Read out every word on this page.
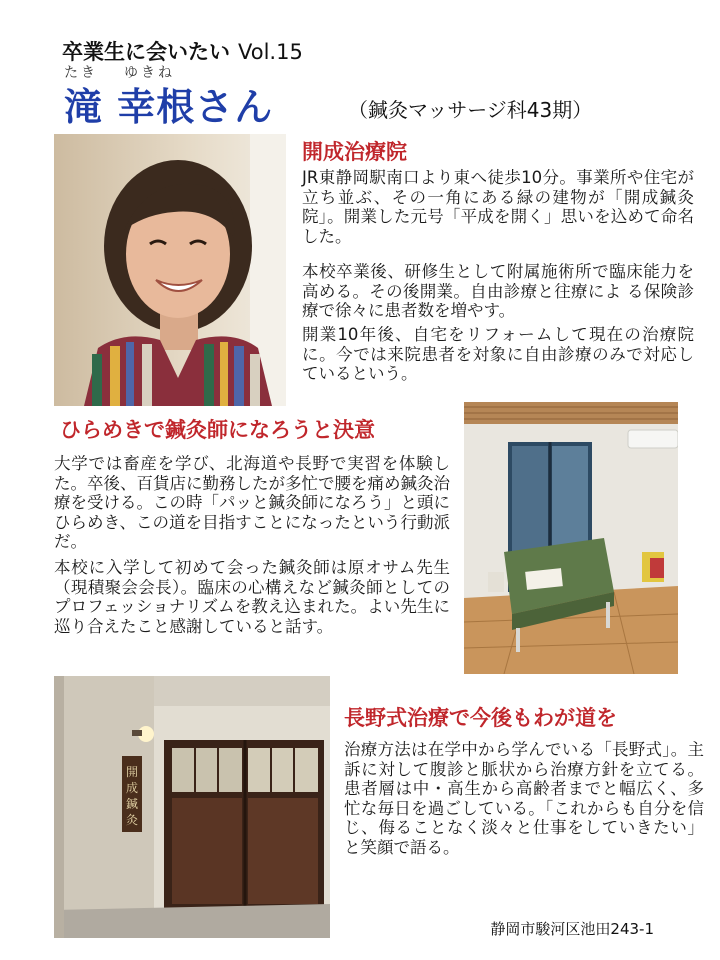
卒業生に会いたい Vol.15
たき ゆきね
滝 幸根さん	（鍼灸マッサージ科43期）
開成治療院
JR東静岡駅南口より東へ徒歩10分。事業所や住宅が立ち並ぶ、その一角にある緑の建物が「開成鍼灸院」。開業した元号「平成を開く」思いを込めて命名した。
本校卒業後、研修生として附属施術所で臨床能力を高める。その後開業。自由診療と往療によ る保険診療で徐々に患者数を増やす。
開業10年後、自宅をリフォームして現在の治療院に。今では来院患者を対象に自由診療のみで対応しているという。
ひらめきで鍼灸師になろうと決意
大学では畜産を学び、北海道や長野で実習を体験した。卒後、百貨店に勤務したが多忙で腰を痛め鍼灸治療を受ける。この時「パッと鍼灸師になろう」と頭にひらめき、この道を目指すことになったという行動派だ。
本校に入学して初めて会った鍼灸師は原オサム先生（現積聚会会長）。臨床の心構えなど鍼灸師としてのプロフェッショナリズムを教え込まれた。よい先生に巡り合えたこと感謝していると話す。
開
成
鍼
灸
長野式治療で今後もわが道を
治療方法は在学中から学んでいる「長野式」。主訴に対して腹診と脈状から治療方針を立てる。患者層は中・高生から高齢者までと幅広く、多忙な毎日を過ごしている。「これからも自分を信じ、侮ることなく淡々と仕事をしていきたい」と笑顔で語る。
静岡市駿河区池田243-1
